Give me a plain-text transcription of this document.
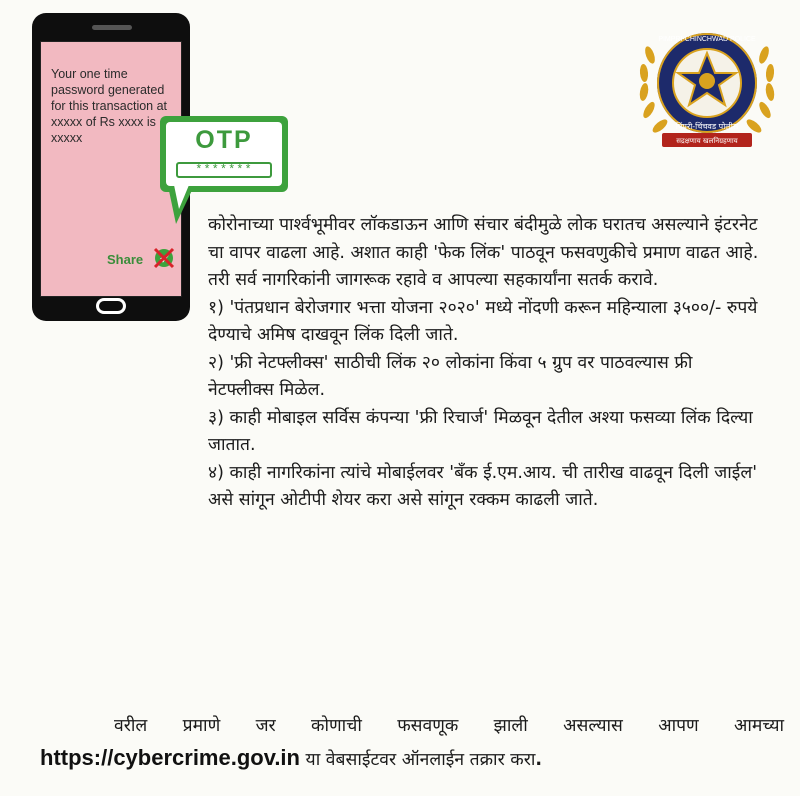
Your one time password generated for this transaction at xxxxx of Rs xxxx is xxxxx
Share
OTP
*******
PIMPRI-CHINCHWAD POLICE
पिंपरी-चिंचवड पोलीस
सद्रक्षणाय खलनिग्रहणाय

कोरोनाच्या पार्श्वभूमीवर लॉकडाऊन आणि संचार बंदीमुळे लोक घरातच असल्याने इंटरनेट चा वापर वाढला आहे. अशात काही 'फेक लिंक' पाठवून फसवणुकीचे प्रमाण वाढत आहे. तरी सर्व नागरिकांनी जागरूक रहावे व आपल्या सहकार्यांना सतर्क करावे.

१) 'पंतप्रधान बेरोजगार भत्ता योजना २०२०' मध्ये नोंदणी करून महिन्याला ३५००/- रुपये देण्याचे अमिष दाखवून लिंक दिली जाते.

२) 'फ्री नेटफ्लीक्स' साठीची लिंक २० लोकांना किंवा ५ ग्रुप वर पाठवल्यास फ्री नेटफ्लीक्स मिळेल.

३) काही मोबाइल सर्विस कंपन्या 'फ्री रिचार्ज' मिळवून देतील अश्या फसव्या लिंक दिल्या जातात.

४) काही नागरिकांना त्यांचे मोबाईलवर 'बँक ई.एम.आय. ची तारीख वाढवून दिली जाईल' असे सांगून ओटीपी शेयर करा असे सांगून रक्कम काढली जाते.

वरील प्रमाणे जर कोणाची फसवणूक झाली असल्यास आपण आमच्या
https://cybercrime.gov.in या वेबसाईटवर ऑनलाईन तक्रार करा.
